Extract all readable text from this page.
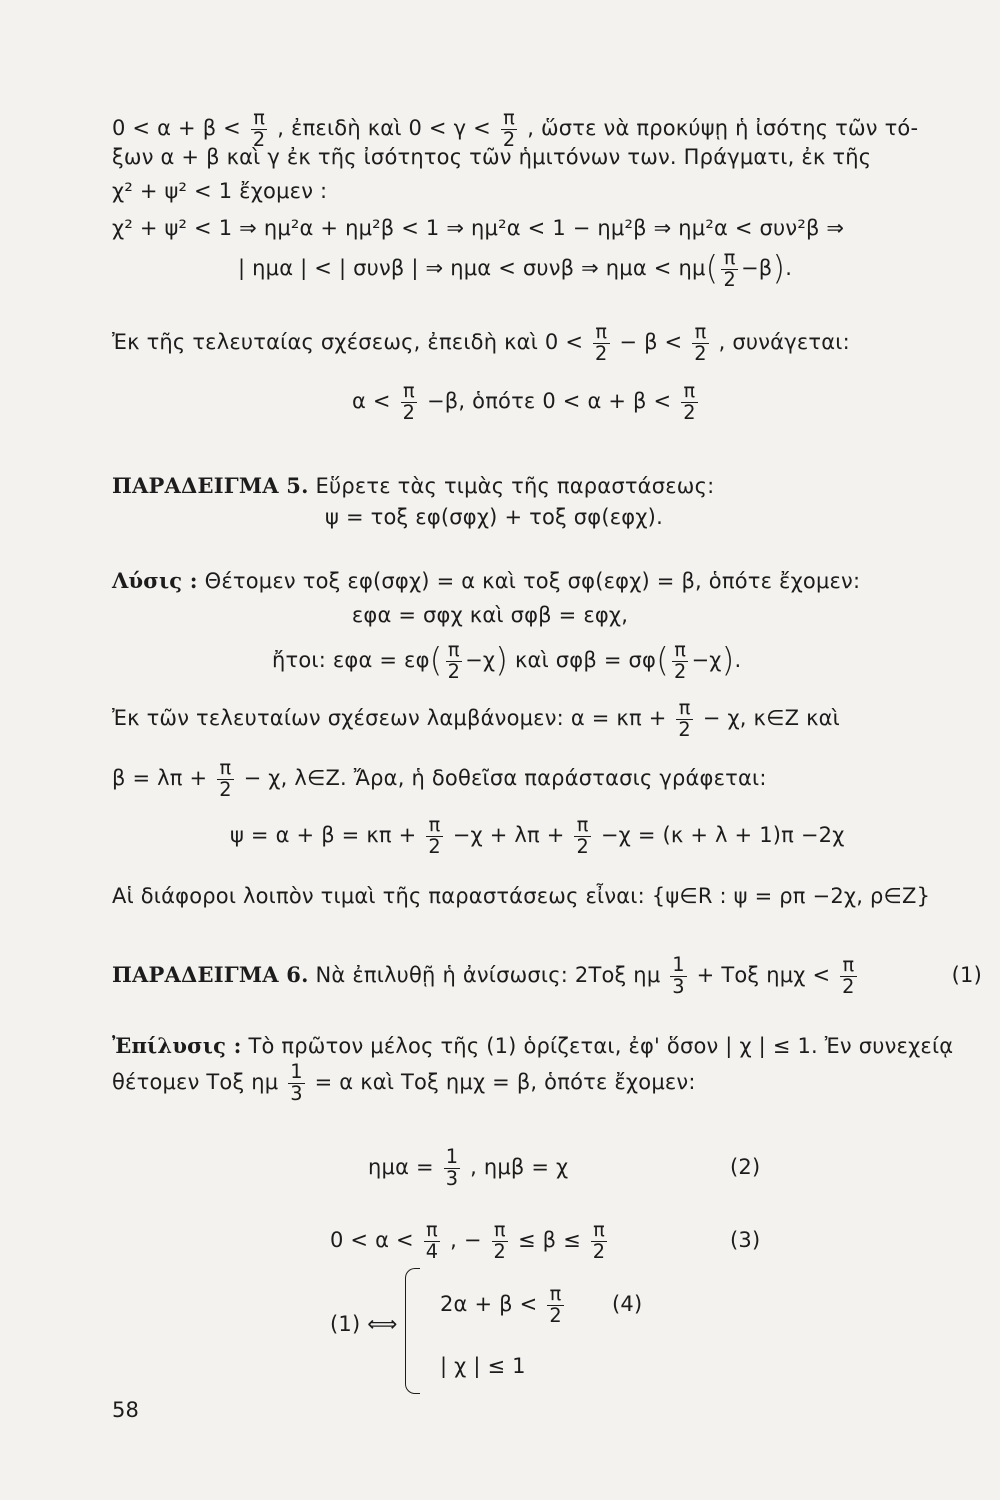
$0 < \alpha + \beta < \frac{\pi}{2}$ , ἐπειδὴ καὶ $0 < \gamma < \frac{\pi}{2}$ , ὥστε νὰ προκύψῃ ἡ ἰσότης τῶν τό-
ξων α + β καὶ γ ἐκ τῆς ἰσότητος τῶν ἡμιτόνων των. Πράγματι, ἐκ τῆς
χ² + ψ² < 1 ἔχομεν :
χ² + ψ² < 1 ⇒ ημ²α + ημ²β < 1 ⇒ ημ²α < 1 − ημ²β ⇒ ημ²α < συν²β ⇒
| ημα | < | συνβ | ⇒ ημα < συνβ ⇒ $\eta\mu\alpha < \eta\mu( \frac{\pi}{2} -\beta)$.
Ἐκ τῆς τελευταίας σχέσεως, ἐπειδὴ καὶ $0 < \frac{\pi}{2} - \beta < \frac{\pi}{2}$ , συνάγεται:
$\alpha < \frac{\pi}{2} -\beta$, ὁπότε $0 < \alpha + \beta < \frac{\pi}{2}$
ΠΑΡΑΔΕΙΓΜΑ 5. Εὕρετε τὰς τιμὰς τῆς παραστάσεως:
ψ = τοξ εφ(σφχ) + τοξ σφ(εφχ).
Λύσις : Θέτομεν τοξ εφ(σφχ) = α καὶ τοξ σφ(εφχ) = β, ὁπότε ἔχομεν:
εφα = σφχ καὶ σφβ = εφχ,
ἤτοι: $\varepsilon\varphi\alpha = \varepsilon\varphi( \frac{\pi}{2} -\chi)$ καὶ $\sigma\varphi\beta = \sigma\varphi( \frac{\pi}{2} -\chi)$.
Ἐκ τῶν τελευταίων σχέσεων λαμβάνομεν: $\alpha = \kappa\pi + \frac{\pi}{2} - \chi$, κ∈Ζ καὶ
$\beta = \lambda\pi + \frac{\pi}{2} - \chi$, λ∈Ζ. Ἄρα, ἡ δοθεῖσα παράστασις γράφεται:
$\psi = \alpha + \beta = \kappa\pi + \frac{\pi}{2} -\chi + \lambda\pi + \frac{\pi}{2} -\chi = (\kappa + \lambda + 1)\pi -2\chi$
Αἱ διάφοροι λοιπὸν τιμαὶ τῆς παραστάσεως εἶναι: {ψ∈R : ψ = ρπ −2χ, ρ∈Ζ}
ΠΑΡΑΔΕΙΓΜΑ 6. Νὰ ἐπιλυθῇ ἡ ἀνίσωσις: 2Τοξ ημ $\frac{1}{3} + To\xi$ $\eta\mu\chi < \frac{\pi}{2}$	(1)
Ἐπίλυσις : Τὸ πρῶτον μέλος τῆς (1) ὁρίζεται, ἐφ' ὅσον | χ | ≤ 1. Ἐν συνεχείᾳ
θέτομεν Τοξ ημ $\frac{1}{3} = \alpha$ καὶ Τοξ ημχ = β, ὁπότε ἔχομεν:
$\eta\mu\alpha = \frac{1}{3}$ , ημβ = χ	(2)
$0 < \alpha < \frac{\pi}{4}$ , − $\frac{\pi}{2} \le \beta \le \frac{\pi}{2}$	(3)
(1) ⟺
$2\alpha + \beta < \frac{\pi}{2} (4)$
| χ | ≤ 1
58
